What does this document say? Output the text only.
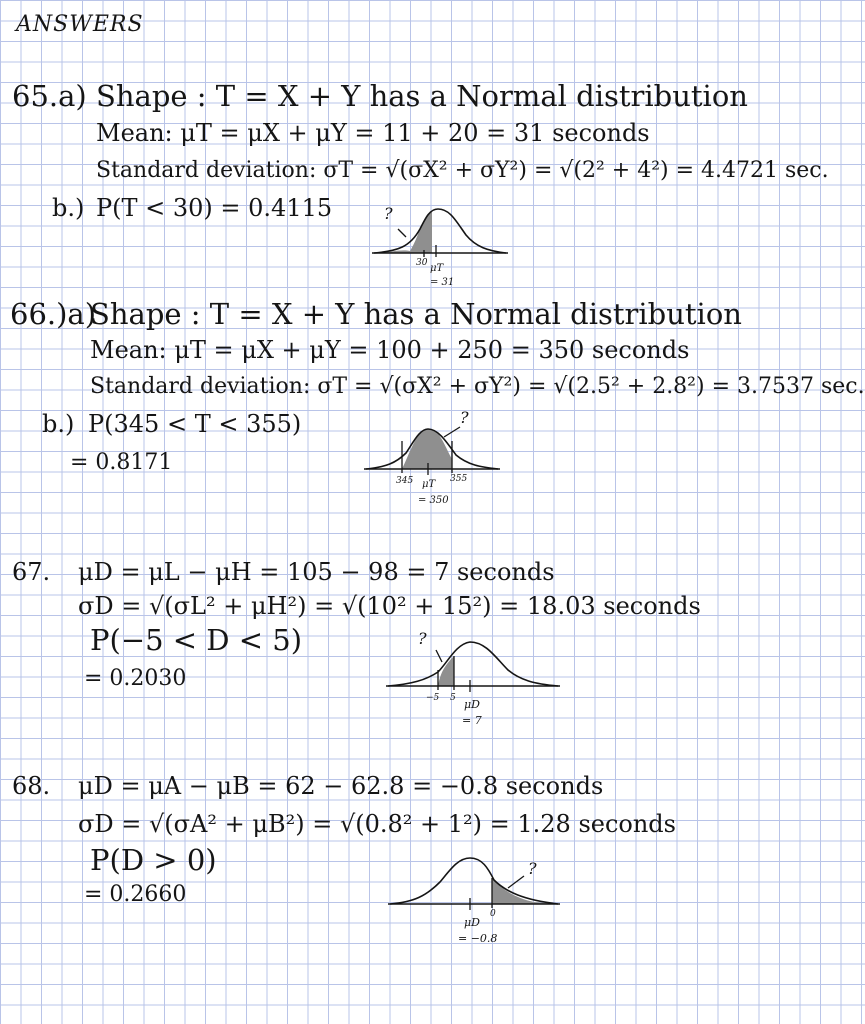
ANSWERS
65.a) Shape : T = X + Y has a Normal distribution
Mean: μT = μX + μY = 11 + 20 = 31 seconds
Standard deviation: σT = √(σX² + σY²) = √(2² + 4²) = 4.4721 sec.
b.) P(T < 30) = 0.4115	?
30 μT
= 31
66.)a)
Shape : T = X + Y has a Normal distribution
Mean: μT = μX + μY = 100 + 250 = 350 seconds
Standard deviation: σT = √(σX² + σY²) = √(2.5² + 2.8²) = 3.7537 sec.
b.) P(345 < T < 355)
= 0.8171
?
345	355
μT
= 350
67. μD = μL − μH = 105 − 98 = 7 seconds
σD = √(σL² + μH²) = √(10² + 15²) = 18.03 seconds
P(−5 < D < 5)
= 0.2030
?
−5 5 μD
= 7
68. μD = μA − μB = 62 − 62.8 = −0.8 seconds
σD = √(σA² + μB²) = √(0.8² + 1²) = 1.28 seconds
P(D > 0)
= 0.2660
?
0
μD
= −0.8
